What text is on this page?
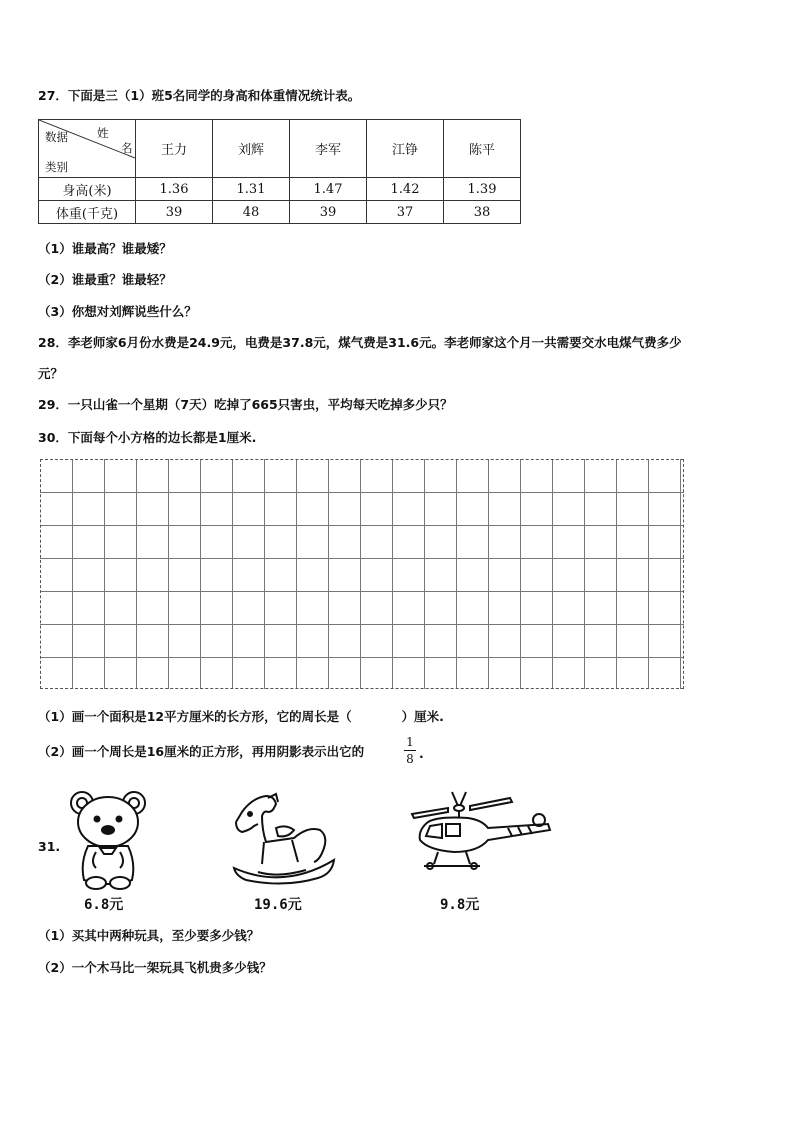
27．下面是三（1）班5名同学的身高和体重情况统计表。
姓
名
数据
类别	王力	刘辉	李军	江铮	陈平
身高(米)	1.36	1.31	1.47	1.42	1.39
体重(千克)	39	48	39	37	38
（1）谁最高？谁最矮？
（2）谁最重？谁最轻？
（3）你想对刘辉说些什么？
28．李老师家6月份水费是24.9元，电费是37.8元，煤气费是31.6元。李老师家这个月一共需要交水电煤气费多少
元？
29．一只山雀一个星期（7天）吃掉了665只害虫，平均每天吃掉多少只？
30．下面每个小方格的边长都是1厘米.
（1）画一个面积是12平方厘米的长方形，它的周长是（　　　　）厘米.
（2）画一个周长是16厘米的正方形，再用阴影表示出它的
1
8 .
31.
6.8元	19.6元	9.8元
（1）买其中两种玩具，至少要多少钱？
（2）一个木马比一架玩具飞机贵多少钱？
